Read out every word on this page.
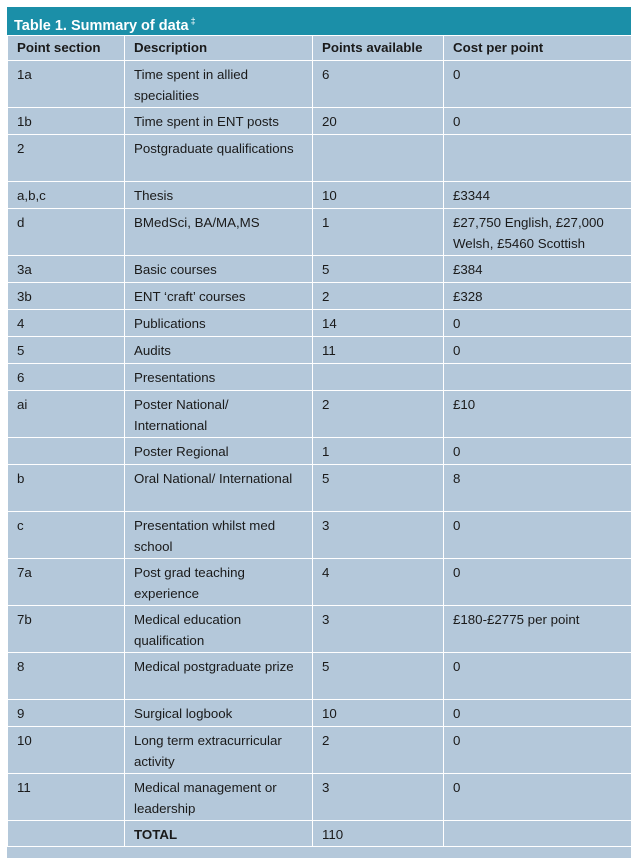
Table 1. Summary of data ‡
Point section	Description	Points available	Cost per point
1a	Time spent in allied specialities	6	0
1b	Time spent in ENT posts	20	0
2	Postgraduate qualifications		
a,b,c	Thesis	10	£3344
d	BMedSci, BA/MA,MS	1	£27,750 English, £27,000 Welsh, £5460 Scottish
3a	Basic courses	5	£384
3b	ENT ‘craft’ courses	2	£328
4	Publications	14	0
5	Audits	11	0
6	Presentations		
ai	Poster National/ International	2	£10
	Poster Regional	1	0
b	Oral National/ International	5	8
c	Presentation whilst med school	3	0
7a	Post grad teaching experience	4	0
7b	Medical education qualification	3	£180-£2775 per point
8	Medical postgraduate prize	5	0
9	Surgical logbook	10	0
10	Long term extracurricular activity	2	0
11	Medical management or leadership	3	0
	TOTAL	110	
